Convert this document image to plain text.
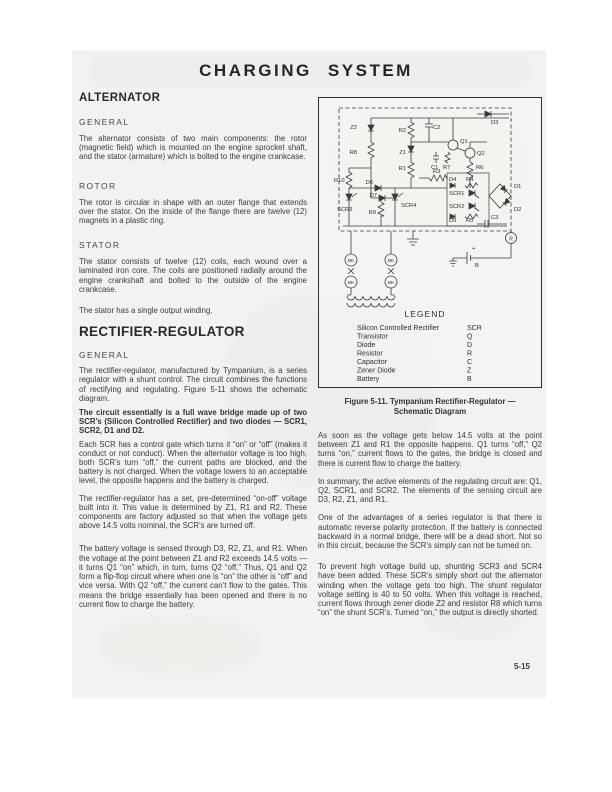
CHARGING SYSTEM
ALTERNATOR
GENERAL

The alternator consists of two main components: the rotor (magnetic field) which is mounted on the engine sprocket shaft, and the stator (armature) which is bolted to the engine crankcase.

ROTOR

The rotor is circular in shape with an outer flange that extends over the stator. On the inside of the flange there are twelve (12) magnets in a plastic ring.

STATOR

The stator consists of twelve (12) coils, each wound over a laminated iron core. The coils are positioned radially around the engine crankshaft and bolted to the outside of the engine crankcase.

The stator has a single output winding.

RECTIFIER-REGULATOR
GENERAL

The rectifier-regulator, manufactured by Tympanium, is a series regulator with a shunt control. The circuit combines the functions of rectifying and regulating. Figure 5-11 shows the schematic diagram.

The circuit essentially is a full wave bridge made up of two SCR’s (Silicon Controlled Rectifier) and two diodes — SCR1, SCR2, D1 and D2.

Each SCR has a control gate which turns it “on” or “off” (makes it conduct or not conduct). When the alternator voltage is too high, both SCR’s turn “off,” the current paths are blocked, and the battery is not charged. When the voltage lowers to an acceptable level, the opposite happens and the battery is charged.

The rectifier-regulator has a set, pre-determined “on-off” voltage built into it. This value is determined by Z1, R1 and R2. These components are factory adjusted so that when the voltage gets above 14.5 volts nominal, the SCR’s are turned off.

The battery voltage is sensed through D3, R2, Z1, and R1. When the voltage at the point between Z1 and R2 exceeds 14.5 volts — it turns Q1 “on” which, in turn, turns Q2 “off.” Thus, Q1 and Q2 form a flip-flop circuit where when one is “on” the other is “off” and vice versa. With Q2 “off,” the current can’t flow to the gates. This means the bridge essentially has been opened and there is no current flow to charge the battery.

Z2
R8
R2	C2
D3
Q1
Q2
Z1
C1 R7
R1	R6
R3
R10	D6
D7
SCR3
SCR4
R9
D4 R4
SCR1
SCR2
D5 R5
D1
D2
C3
R
+
B
BK	BK
BK	BK
LEGEND
Silicon Controlled Rectifier	SCR
Transistor	Q
Diode	D
Resistor	R
Capacitor	C
Zener Diode	Z
Battery	B
Figure 5-11. Tympanium Rectifier-Regulator —
Schematic Diagram

As soon as the voltage gets below 14.5 volts at the point between Z1 and R1 the opposite happens. Q1 turns “off,” Q2 turns “on,” current flows to the gates, the bridge is closed and there is current flow to charge the battery.

In summary, the active elements of the regulating circuit are: Q1, Q2, SCR1, and SCR2. The elements of the sensing circuit are D3, R2, Z1, and R1.

One of the advantages of a series regulator is that there is automatic reverse polarity protection. If the battery is connected backward in a normal bridge, there will be a dead short. Not so in this circuit, because the SCR’s simply can not be turned on.

To prevent high voltage build up, shunting SCR3 and SCR4 have been added. These SCR’s simply short out the alternator winding when the voltage gets too high. The shunt regulator voltage setting is 40 to 50 volts. When this voltage is reached, current flows through zener diode Z2 and resistor R8 which turns “on” the shunt SCR’s. Turned “on,” the output is directly shorted.

5-15
